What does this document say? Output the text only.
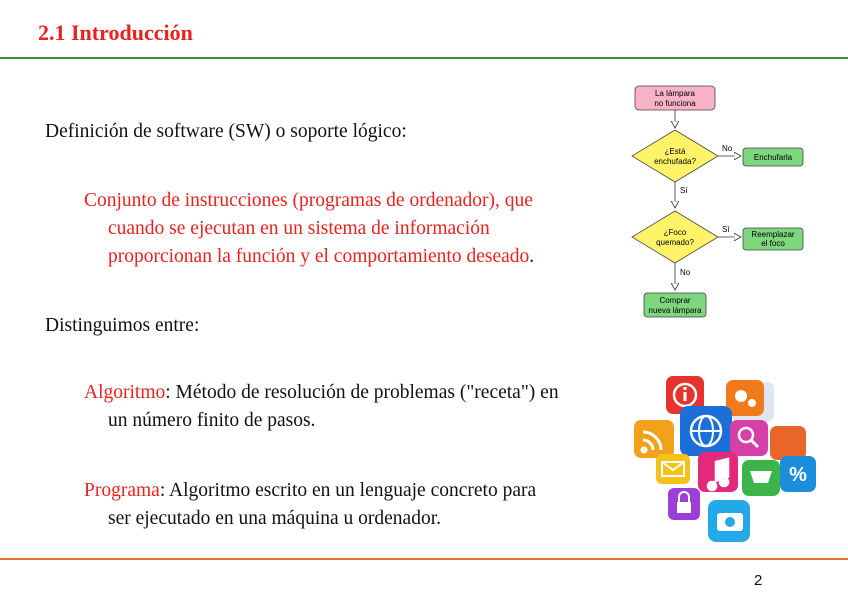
2.1 Introducción
Definición de software (SW) o soporte lógico:
Conjunto de instrucciones (programas de ordenador), que
cuando se ejecutan en un sistema de información
proporcionan la función y el comportamiento deseado.
Distinguimos entre:
Algoritmo: Método de resolución de problemas ("receta") en
un número finito de pasos.
Programa: Algoritmo escrito en un lenguaje concreto para
ser ejecutado en una máquina u ordenador.
La lámpara
no funciona
¿Está
enchufada?
No
Enchufarla
Sí
¿Foco
quemado?
Sí
Reemplazar
el foco
No
Comprar
nueva lámpara
%
2
